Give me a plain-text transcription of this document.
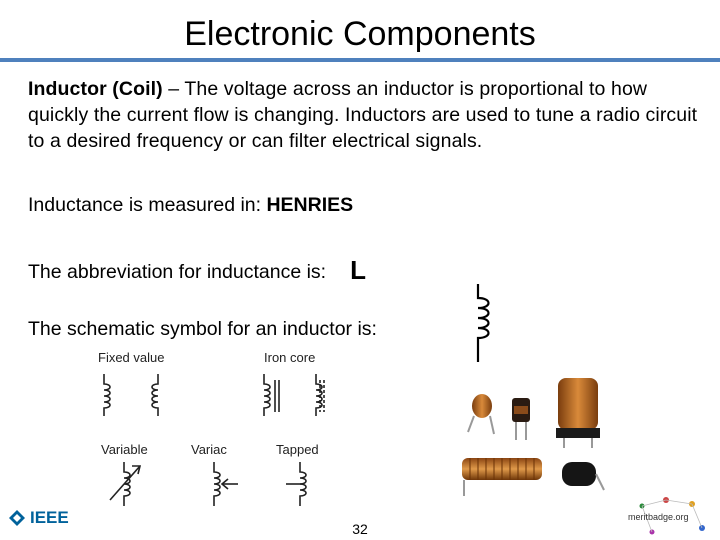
Electronic Components
Inductor (Coil) – The voltage across an inductor is proportional to how quickly the current flow is changing. Inductors are used to tune a radio circuit to a desired frequency or can filter electrical signals.
Inductance is measured in: HENRIES
The abbreviation for inductance is: L
The schematic symbol for an inductor is:
Fixed value	Iron core
Variable	Variac	Tapped
IEEE
32
meritbadge.org
